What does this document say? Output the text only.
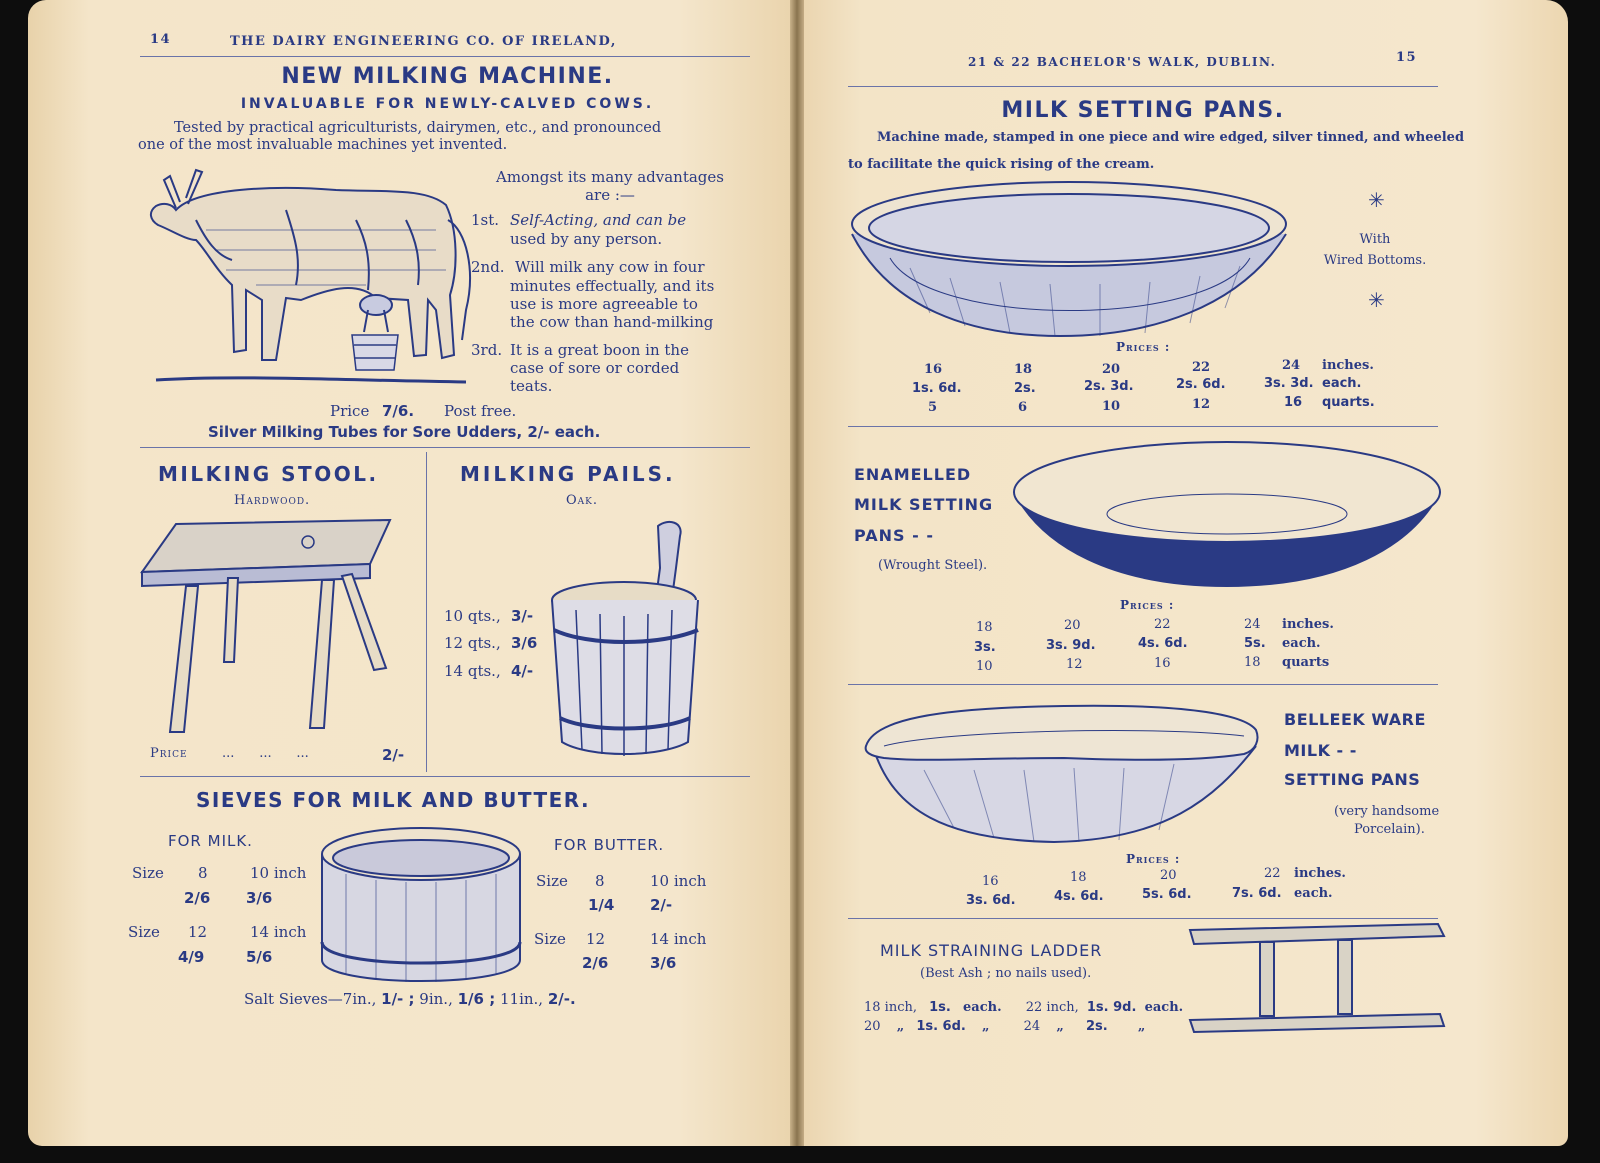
14	THE DAIRY ENGINEERING CO. OF IRELAND,
NEW MILKING MACHINE.
INVALUABLE FOR NEWLY-CALVED COWS.
Tested by practical agriculturists, dairymen, etc., and pronounced
one of the most invaluable machines yet invented.
Amongst its many advantages
are :—
1st. Self-Acting, and can be
used by any person.
2nd. Will milk any cow in four
minutes effectually, and its
use is more agreeable to
the cow than hand-milking
3rd. It is a great boon in the
case of sore or corded
teats.
Price 7/6. Post free.
Silver Milking Tubes for Sore Udders, 2/- each.
MILKING STOOL.
Hardwood.
Price	...      ...      ...	2/-
MILKING PAILS.
Oak.
10 qts., 3/-
12 qts., 3/6
14 qts., 4/-
SIEVES FOR MILK AND BUTTER.
FOR MILK.	FOR BUTTER.
Size 8	10 inch
2/6 3/6
Size 12	14 inch
4/9	5/6
Size 8	10 inch
1/4 2/-
Size 12	14 inch
2/6	3/6
Salt Sieves—7in., 1/- ; 9in., 1/6 ; 11in., 2/-.
21 & 22 BACHELOR'S WALK, DUBLIN.	15
MILK SETTING PANS.
Machine made, stamped in one piece and wire edged, silver tinned, and wheeled
to facilitate the quick rising of the cream.
✳
With
Wired Bottoms.
✳
Prices :
16	18	20	22	24 inches.
1s. 6d.	2s.	2s. 3d.	2s. 6d.	3s. 3d. each.
5	6	10	12	16 quarts.
ENAMELLED
MILK SETTING
PANS - -
(Wrought Steel).
Prices :
18	20	22	24 inches.
3s.	3s. 9d.	4s. 6d.	5s. each.
10	12	16	18 quarts
BELLEEK WARE
MILK - -
SETTING PANS
(very handsome
Porcelain).
Prices :
16	18	20	22 inches.
3s. 6d.	4s. 6d.	5s. 6d.	7s. 6d. each.
MILK STRAINING LADDER
(Best Ash ; no nails used).
18 inch, 1s. each. 22 inch, 1s. 9d. each.
20 „ 1s. 6d. „	24 „ 2s. „
